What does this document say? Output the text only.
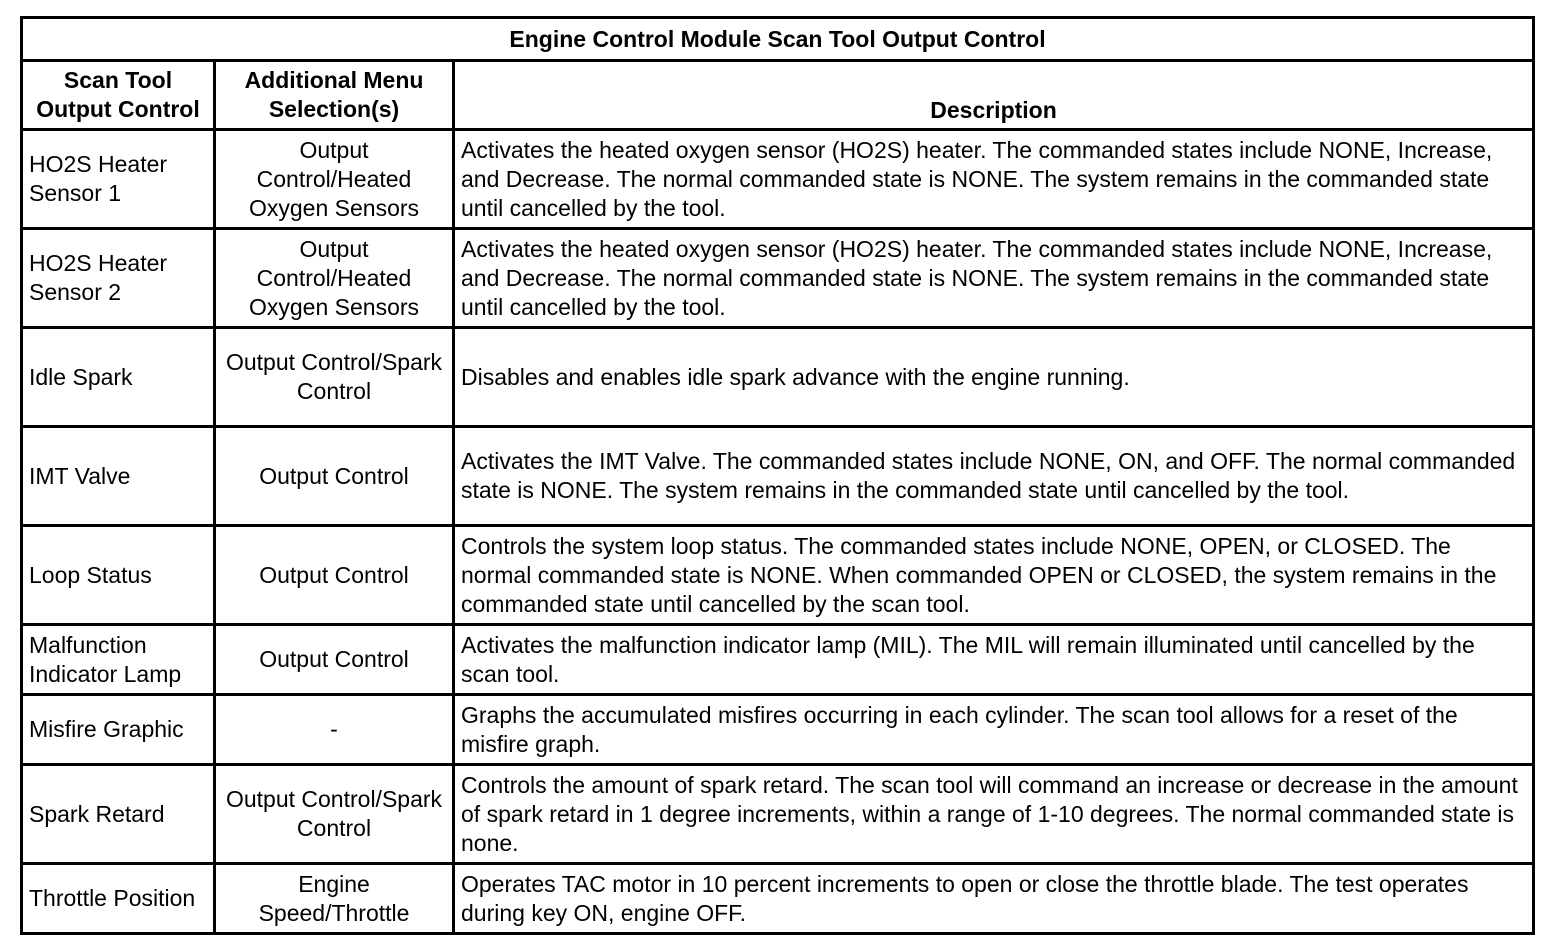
Engine Control Module Scan Tool Output Control		
Scan Tool Output Control	Additional Menu Selection(s)	Description
HO2S Heater Sensor 1	Output Control/Heated Oxygen Sensors	Activates the heated oxygen sensor (HO2S) heater. The commanded states include NONE, Increase, and Decrease. The normal commanded state is NONE. The system remains in the commanded state until cancelled by the tool.
HO2S Heater Sensor 2	Output Control/Heated Oxygen Sensors	Activates the heated oxygen sensor (HO2S) heater. The commanded states include NONE, Increase, and Decrease. The normal commanded state is NONE. The system remains in the commanded state until cancelled by the tool.
Idle Spark	Output Control/Spark Control	Disables and enables idle spark advance with the engine running.
IMT Valve	Output Control	Activates the IMT Valve. The commanded states include NONE, ON, and OFF. The normal commanded state is NONE. The system remains in the commanded state until cancelled by the tool.
Loop Status	Output Control	Controls the system loop status. The commanded states include NONE, OPEN, or CLOSED. The normal commanded state is NONE. When commanded OPEN or CLOSED, the system remains in the commanded state until cancelled by the scan tool.
Malfunction Indicator Lamp	Output Control	Activates the malfunction indicator lamp (MIL). The MIL will remain illuminated until cancelled by the scan tool.
Misfire Graphic	-	Graphs the accumulated misfires occurring in each cylinder. The scan tool allows for a reset of the misfire graph.
Spark Retard	Output Control/Spark Control	Controls the amount of spark retard. The scan tool will command an increase or decrease in the amount of spark retard in 1 degree increments, within a range of 1-10 degrees. The normal commanded state is none.
Throttle Position	Engine Speed/Throttle	Operates TAC motor in 10 percent increments to open or close the throttle blade. The test operates during key ON, engine OFF.
